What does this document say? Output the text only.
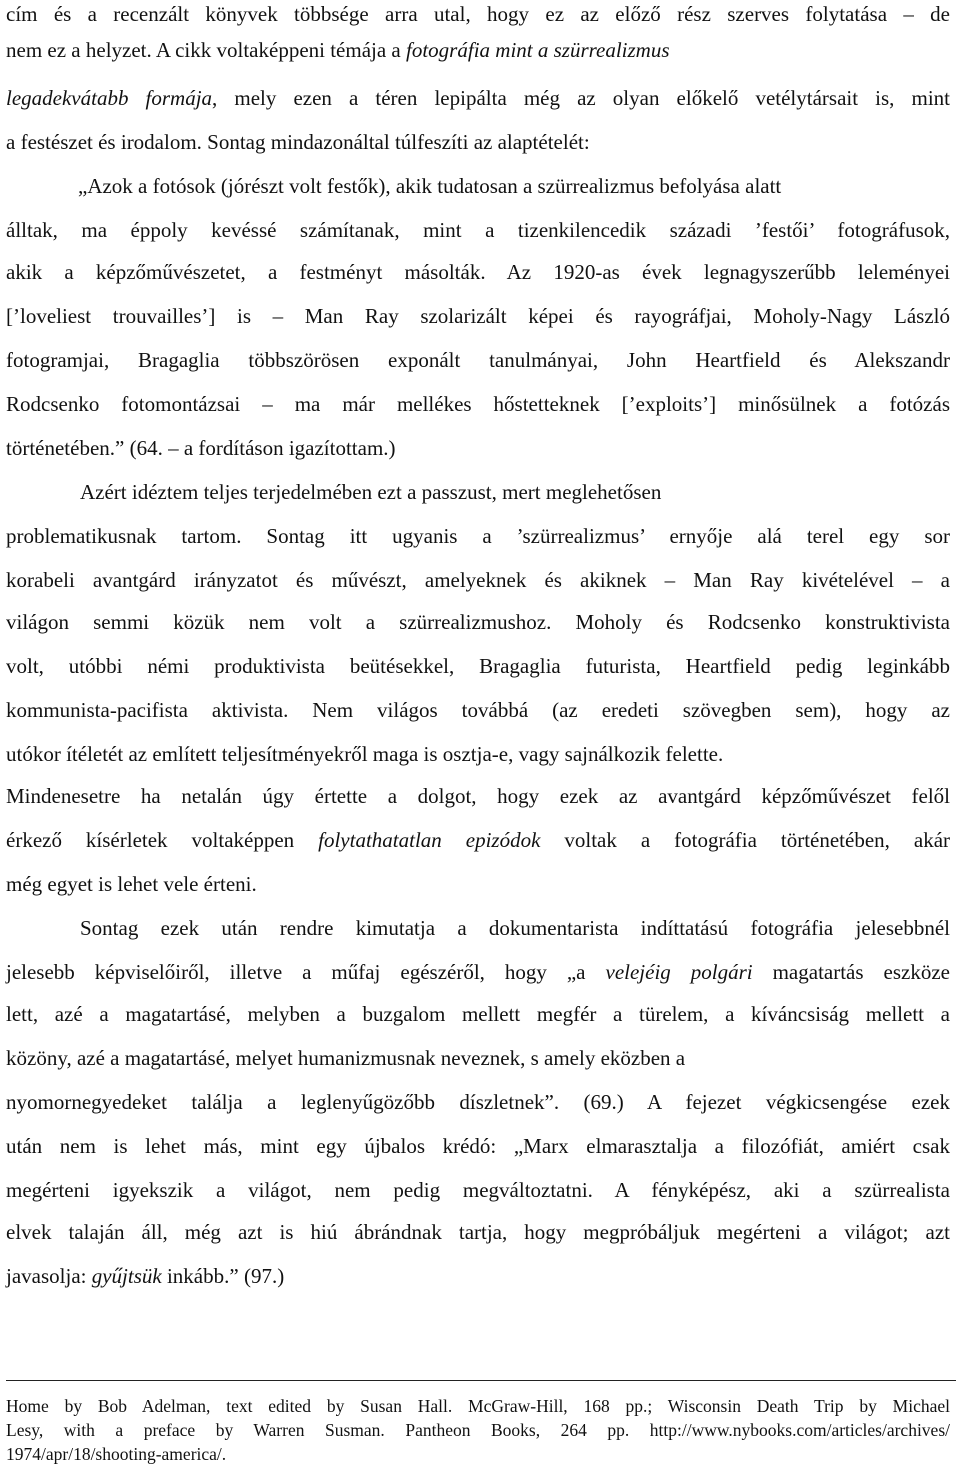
cím és a recenzált könyvek többsége arra utal, hogy ez az előző rész szerves folytatása – de
nem ez a helyzet. A cikk voltaképpeni témája a fotográfia mint a szürrealizmus
legadekvátabb formája, mely ezen a téren lepipálta még az olyan előkelő vetélytársait is, mint
a festészet és irodalom. Sontag mindazonáltal túlfeszíti az alaptételét:
„Azok a fotósok (jórészt volt festők), akik tudatosan a szürrealizmus befolyása alatt
álltak, ma éppoly kevéssé számítanak, mint a tizenkilencedik századi ’festői’ fotográfusok,
akik a képzőművészetet, a festményt másolták. Az 1920-as évek legnagyszerűbb leleményei
[’loveliest trouvailles’] is – Man Ray szolarizált képei és rayográfjai, Moholy-Nagy László
fotogramjai, Bragaglia többszörösen exponált tanulmányai, John Heartfield és Alekszandr
Rodcsenko fotomontázsai – ma már mellékes hőstetteknek [’exploits’] minősülnek a fotózás
történetében.” (64. – a fordításon igazítottam.)
Azért idéztem teljes terjedelmében ezt a passzust, mert meglehetősen
problematikusnak tartom. Sontag itt ugyanis a ’szürrealizmus’ ernyője alá terel egy sor
korabeli avantgárd irányzatot és művészt, amelyeknek és akiknek – Man Ray kivételével – a
világon semmi közük nem volt a szürrealizmushoz. Moholy és Rodcsenko konstruktivista
volt, utóbbi némi produktivista beütésekkel, Bragaglia futurista, Heartfield pedig leginkább
kommunista-pacifista aktivista. Nem világos továbbá (az eredeti szövegben sem), hogy az
utókor ítéletét az említett teljesítményekről maga is osztja-e, vagy sajnálkozik felette.
Mindenesetre ha netalán úgy értette a dolgot, hogy ezek az avantgárd képzőművészet felől
érkező kísérletek voltaképpen folytathatatlan epizódok voltak a fotográfia történetében, akár
még egyet is lehet vele érteni.
Sontag ezek után rendre kimutatja a dokumentarista indíttatású fotográfia jelesebbnél
jelesebb képviselőiről, illetve a műfaj egészéről, hogy „a velejéig polgári magatartás eszköze
lett, azé a magatartásé, melyben a buzgalom mellett megfér a türelem, a kíváncsiság mellett a
közöny, azé a magatartásé, melyet humanizmusnak neveznek, s amely eközben a
nyomornegyedeket találja a leglenyűgözőbb díszletnek”. (69.) A fejezet végkicsengése ezek
után nem is lehet más, mint egy újbalos krédó: „Marx elmarasztalja a filozófiát, amiért csak
megérteni igyekszik a világot, nem pedig megváltoztatni. A fényképész, aki a szürrealista
elvek talaján áll, még azt is hiú ábrándnak tartja, hogy megpróbáljuk megérteni a világot; azt
javasolja: gyűjtsük inkább.” (97.)
Home by Bob Adelman, text edited by Susan Hall. McGraw-Hill, 168 pp.; Wisconsin Death Trip by Michael
Lesy, with a preface by Warren Susman. Pantheon Books, 264 pp. http://www.nybooks.com/articles/archives/
1974/apr/18/shooting-america/.
